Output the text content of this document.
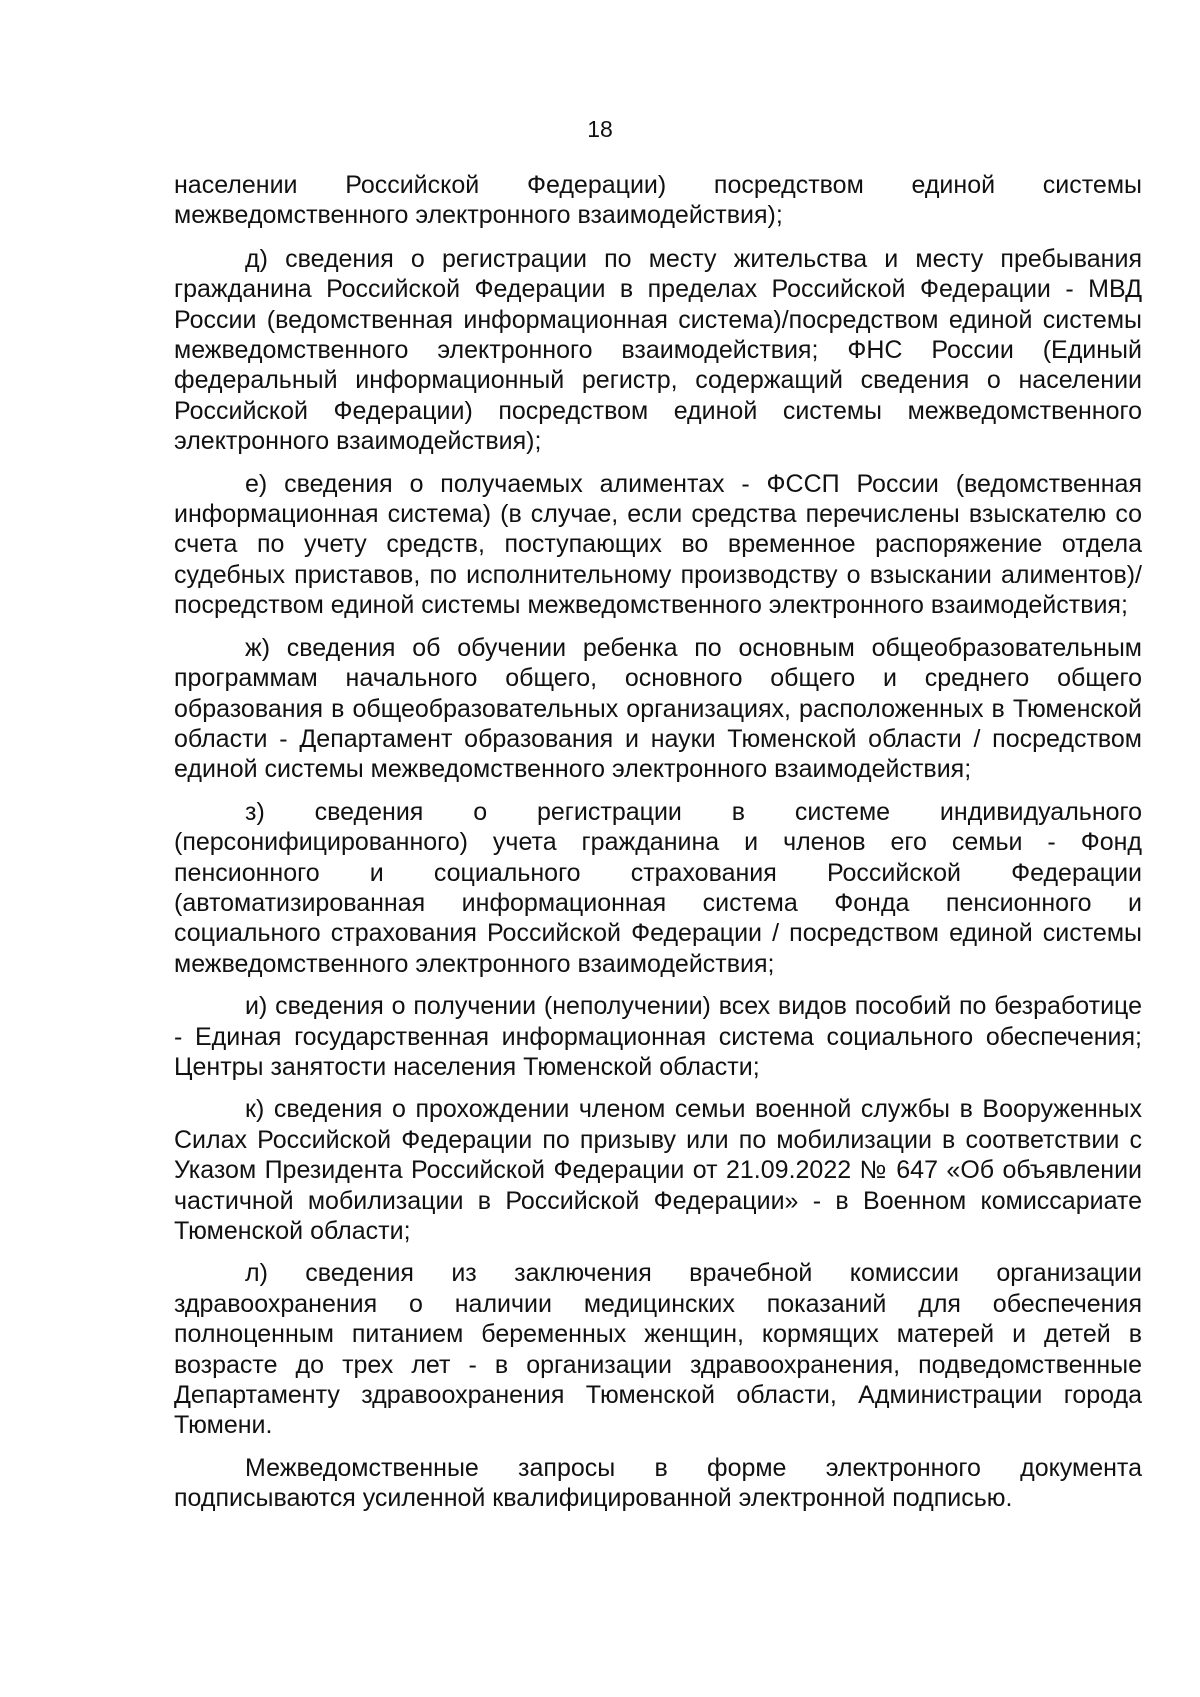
18

населении Российской Федерации) посредством единой системы межведомственного электронного взаимодействия);

д) сведения о регистрации по месту жительства и месту пребывания гражданина Российской Федерации в пределах Российской Федерации - МВД России (ведомственная информационная система)/посредством единой системы межведомственного электронного взаимодействия; ФНС России (Единый федеральный информационный регистр, содержащий сведения о населении Российской Федерации) посредством единой системы межведомственного электронного взаимодействия);

е) сведения о получаемых алиментах - ФССП России (ведомственная информационная система) (в случае, если средства перечислены взыскателю со счета по учету средств, поступающих во временное распоряжение отдела судебных приставов, по исполнительному производству о взыскании алиментов)/посредством единой системы межведомственного электронного взаимодействия;

ж) сведения об обучении ребенка по основным общеобразовательным программам начального общего, основного общего и среднего общего образования в общеобразовательных организациях, расположенных в Тюменской области - Департамент образования и науки Тюменской области / посредством единой системы межведомственного электронного взаимодействия;

з) сведения о регистрации в системе индивидуального (персонифицированного) учета гражданина и членов его семьи - Фонд пенсионного и социального страхования Российской Федерации (автоматизированная информационная система Фонда пенсионного и социального страхования Российской Федерации / посредством единой системы межведомственного электронного взаимодействия;

и) сведения о получении (неполучении) всех видов пособий по безработице - Единая государственная информационная система социального обеспечения; Центры занятости населения Тюменской области;

к) сведения о прохождении членом семьи военной службы в Вооруженных Силах Российской Федерации по призыву или по мобилизации в соответствии с Указом Президента Российской Федерации от 21.09.2022 № 647 «Об объявлении частичной мобилизации в Российской Федерации» - в Военном комиссариате Тюменской области;

л) сведения из заключения врачебной комиссии организации здравоохранения о наличии медицинских показаний для обеспечения полноценным питанием беременных женщин, кормящих матерей и детей в возрасте до трех лет - в организации здравоохранения, подведомственные Департаменту здравоохранения Тюменской области, Администрации города Тюмени.

Межведомственные запросы в форме электронного документа подписываются усиленной квалифицированной электронной подписью.
